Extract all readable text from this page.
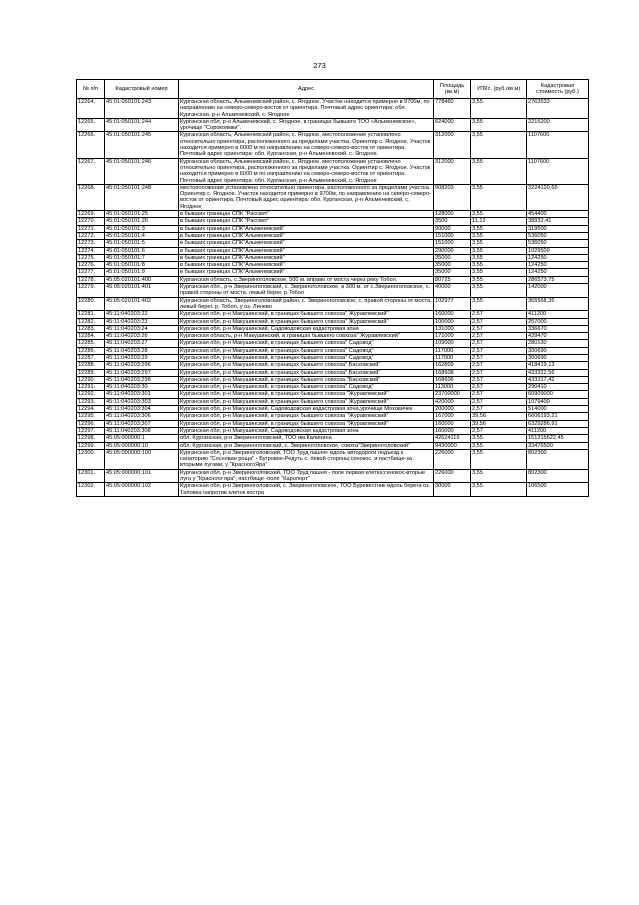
273
№ п/п	Кадастровый номер	Адрес	Площадь (кв.м)	УПКс. (руб./кв.м)	Кадастровая стоимость (руб.)
12264.	45:01:050101:243	Курганская область, Альменевский район, с. Ягодное, Участок находится примерно в 9700м, по направлению на северо-северо-восток от ориентира. Почтовый адрес ориентира: обл. Курганская, р-н Альменевский, с. Ягодное	778460	3,55	2763533
12265.	45:01:050101:244	Курганская обл, р-н Альменевский, с. Ягодное, в границах бывшего ТОО «Альменевское», урочище "Сорокоямки".	624000	3,55	2215200
12266.	45:01:050101:245	Курганская область, Альменевский район, с. Ягодное, местоположение установлено относительно ориентира, расположенного за пределами участка. Ориентир с. Ягодное. Участок находится примерно в 6000 м по направлению на северо-северо-восток от ориентира. Почтовый адрес ориентира: обл. Курганская, р-н Альменевский, с. Ягодное.	312000	3,55	1107600
12267.	45:01:050101:246	Курганская область, Альменевский район, с. Ягодное, местоположение установлено относительно ориентира, расположенного за пределами участка. Ориентир с. Ягодное. Участок находится примерно в 6000 м по направлению на северо-северо-восток от ориентира. Почтовый адрес ориентира: обл. Курганская, р-н Альменевский, с. Ягодное	312000	3,55	1107600
12268.	45:01:050101:248	местоположение установлено относительно ориентира, расположенного за пределами участка. Ориентир с. Ягодное. Участок находится примерно в 9700м, по направлению на северо-северо-восток от ориентира. Почтовый адрес ориентира: обл. Курганская, р-н Альменевский, с. Ягодное	908203	3,55	3224120,65
12269.	45:01:050101:25	в бывших границах СПК "Рассвет"	128000	3,55	454400
12270.	45:01:050101:26	в бывших границах СПК "Рассвет"	3500	11,12	38932,41
12271.	45:01:050101:3	в бывших границах СПК"Альменевский"	90000	3,55	319500
12272.	45:01:050101:4	в бывших границах СПК"Альменевский"	151000	3,55	536050
12273.	45:01:050101:5	в бывших границах СПК"Альменевский"	151000	3,55	536050
12274.	45:01:050101:6	в бывших границах СПК"Альменевский"	290000	3,55	1029500
12275.	45:01:050101:7	в бывших границах СПК"Альменевский"	35000	3,55	124250
12276.	45:01:050101:8	в бывших границах СПК"Альменевский"	35000	3,55	124250
12277.	45:01:050101:9	в бывших границах СПК"Альменевский"	35000	3,55	124250
12278.	45:05:020101:400	Курганская область, с.Звериноголовское, 500 м. вправо от моста через реку Тобол.	80725	3,55	286573,75
12279.	45:05:020101:401	Курганская обл., р-н Звериноголовский, с. Звериноголовское, в 300 м. от с.Звериноголовское, с. правой стороны от моста, левый берег. р.Тобол	40000	3,55	142000
12280.	45:05:020101:402	Курганская область, Звериноголовский район, с. Звериноголовское, с. правой стороны от моста, левый берег. р. Тобол, у оз. Линево	102977	3,55	365568,35
12281.	45:11:040203:22	Курганская обл, р-н Макушинский, в границах бывшего совхоза" Журавлевский"	160000	2,57	411200
12282.	45:11:040203:23	Курганская обл, р-н Макушинский, в границах бывшего совхоза" Журавлевский"	100000	2,57	257000
12283.	45:11:040203:24	Курганская обл, р-н Макушинский, Садоводовская кадастровая зона	131000	2,57	336670
12284.	45:11:040203:26	Курганская область, р-н Макушинский, в границах бывшего совхоза" Журавлевский"	171000	2,57	439470
12285.	45:11:040203:27	Курганская обл, р-н Макушинский, в границах бывшего совхоза" Садовод"	109000	2,57	280130
12286.	45:11:040203:28	Курганская обл, р-н Макушинский, в границах бывшего совхоза" Садовод"	117000	2,57	300690
12287.	45:11:040203:29	Курганская обл, р-н Макушинский, в границах бывшего совхоза" Садовод"	117000	2,57	300690
12288.	45:11:040203:296	Курганская обл, р-н Макушинский, в границах бывшего совхоза" Басковский"	162809	2,57	418419,13
12289.	45:11:040203:297	Курганская обл, р-н Макушинский, в границах бывшего совхоза" Басковский"	168608	2,57	433322,56
12290.	45:11:040203:298	Курганская обл, р-н Макушинский, в границах бывшего совхоза "Басковский"	168606	2,57	433317,42
12291.	45:11:040203:30	Курганская обл, р-н Макушинский, в границах бывшего совхоза" Садовод"	113000	2,57	290410
12292.	45:11:040203:301	Курганская обл, р-н Макушинский, в границах бывшего совхоза "Журавлевский"	23700000	2,57	60909000
12293.	45:11:040203:303	Курганская обл, р-н Макушинский, в границах бывшего совхоза" Журавлевский"	420000	2,57	1079400
12294.	45:11:040203:304	Курганская обл, р-н Макушинский, Садоводовская кадастровая зона,урочище Моховичек	200000	2,57	514000
12295.	45:11:040203:306	Курганская обл, р-н Макушинский, в границах бывшего совхоза "Журавлевский"	167000	39,56	6606193,21
12296.	45:11:040203:307	Курганская обл, р-н Макушинский, в границах бывшего совхоза "Журавлевский"	160000	39,56	6329286,91
12297.	45:11:040203:308	Курганская обл, р-н Макушинский, Садоводовская кадастровая зона	160000	2,57	411200
12298.	45:05:000000:1	обл. Курганская, р-н Звериноголовский, ТОО им.Калинина	42624119	3,55	151315622,45
12299.	45:05:000000:10	обл. Курганская, р-н Звериноголовский, с. Звериноголовское, совхоз"Звериноголовский"	9430000	3,55	33476500
12300.	45:05:000000:100	Курганская обл, р-н Звериноголовский, ТОО Труд пашня- вдоль автодороги подъезд к санаторию "Сосновая роща" - Бугровое-Редуть с. левой стороны;сенокос. и пастбище-за вторыми лугами, у "КрасногоЯра"	226000	3,55	802300
12301.	45:05:000000:101	Курганская обл, р-н Звериноголовский, ТОО Труд пашня - поле первая клетка;сенокос-вторые луга у "Красного яра"; пастбище -поле "Каролорт"	226000	3,55	802300
12302.	45:05:000000:102	Курганская обл, р-н Звериноголовский, с. Звериноголовское, ТОО Буревестник вдоль берега оз. Таловка напротив клеток костра	30000	3,55	106500
